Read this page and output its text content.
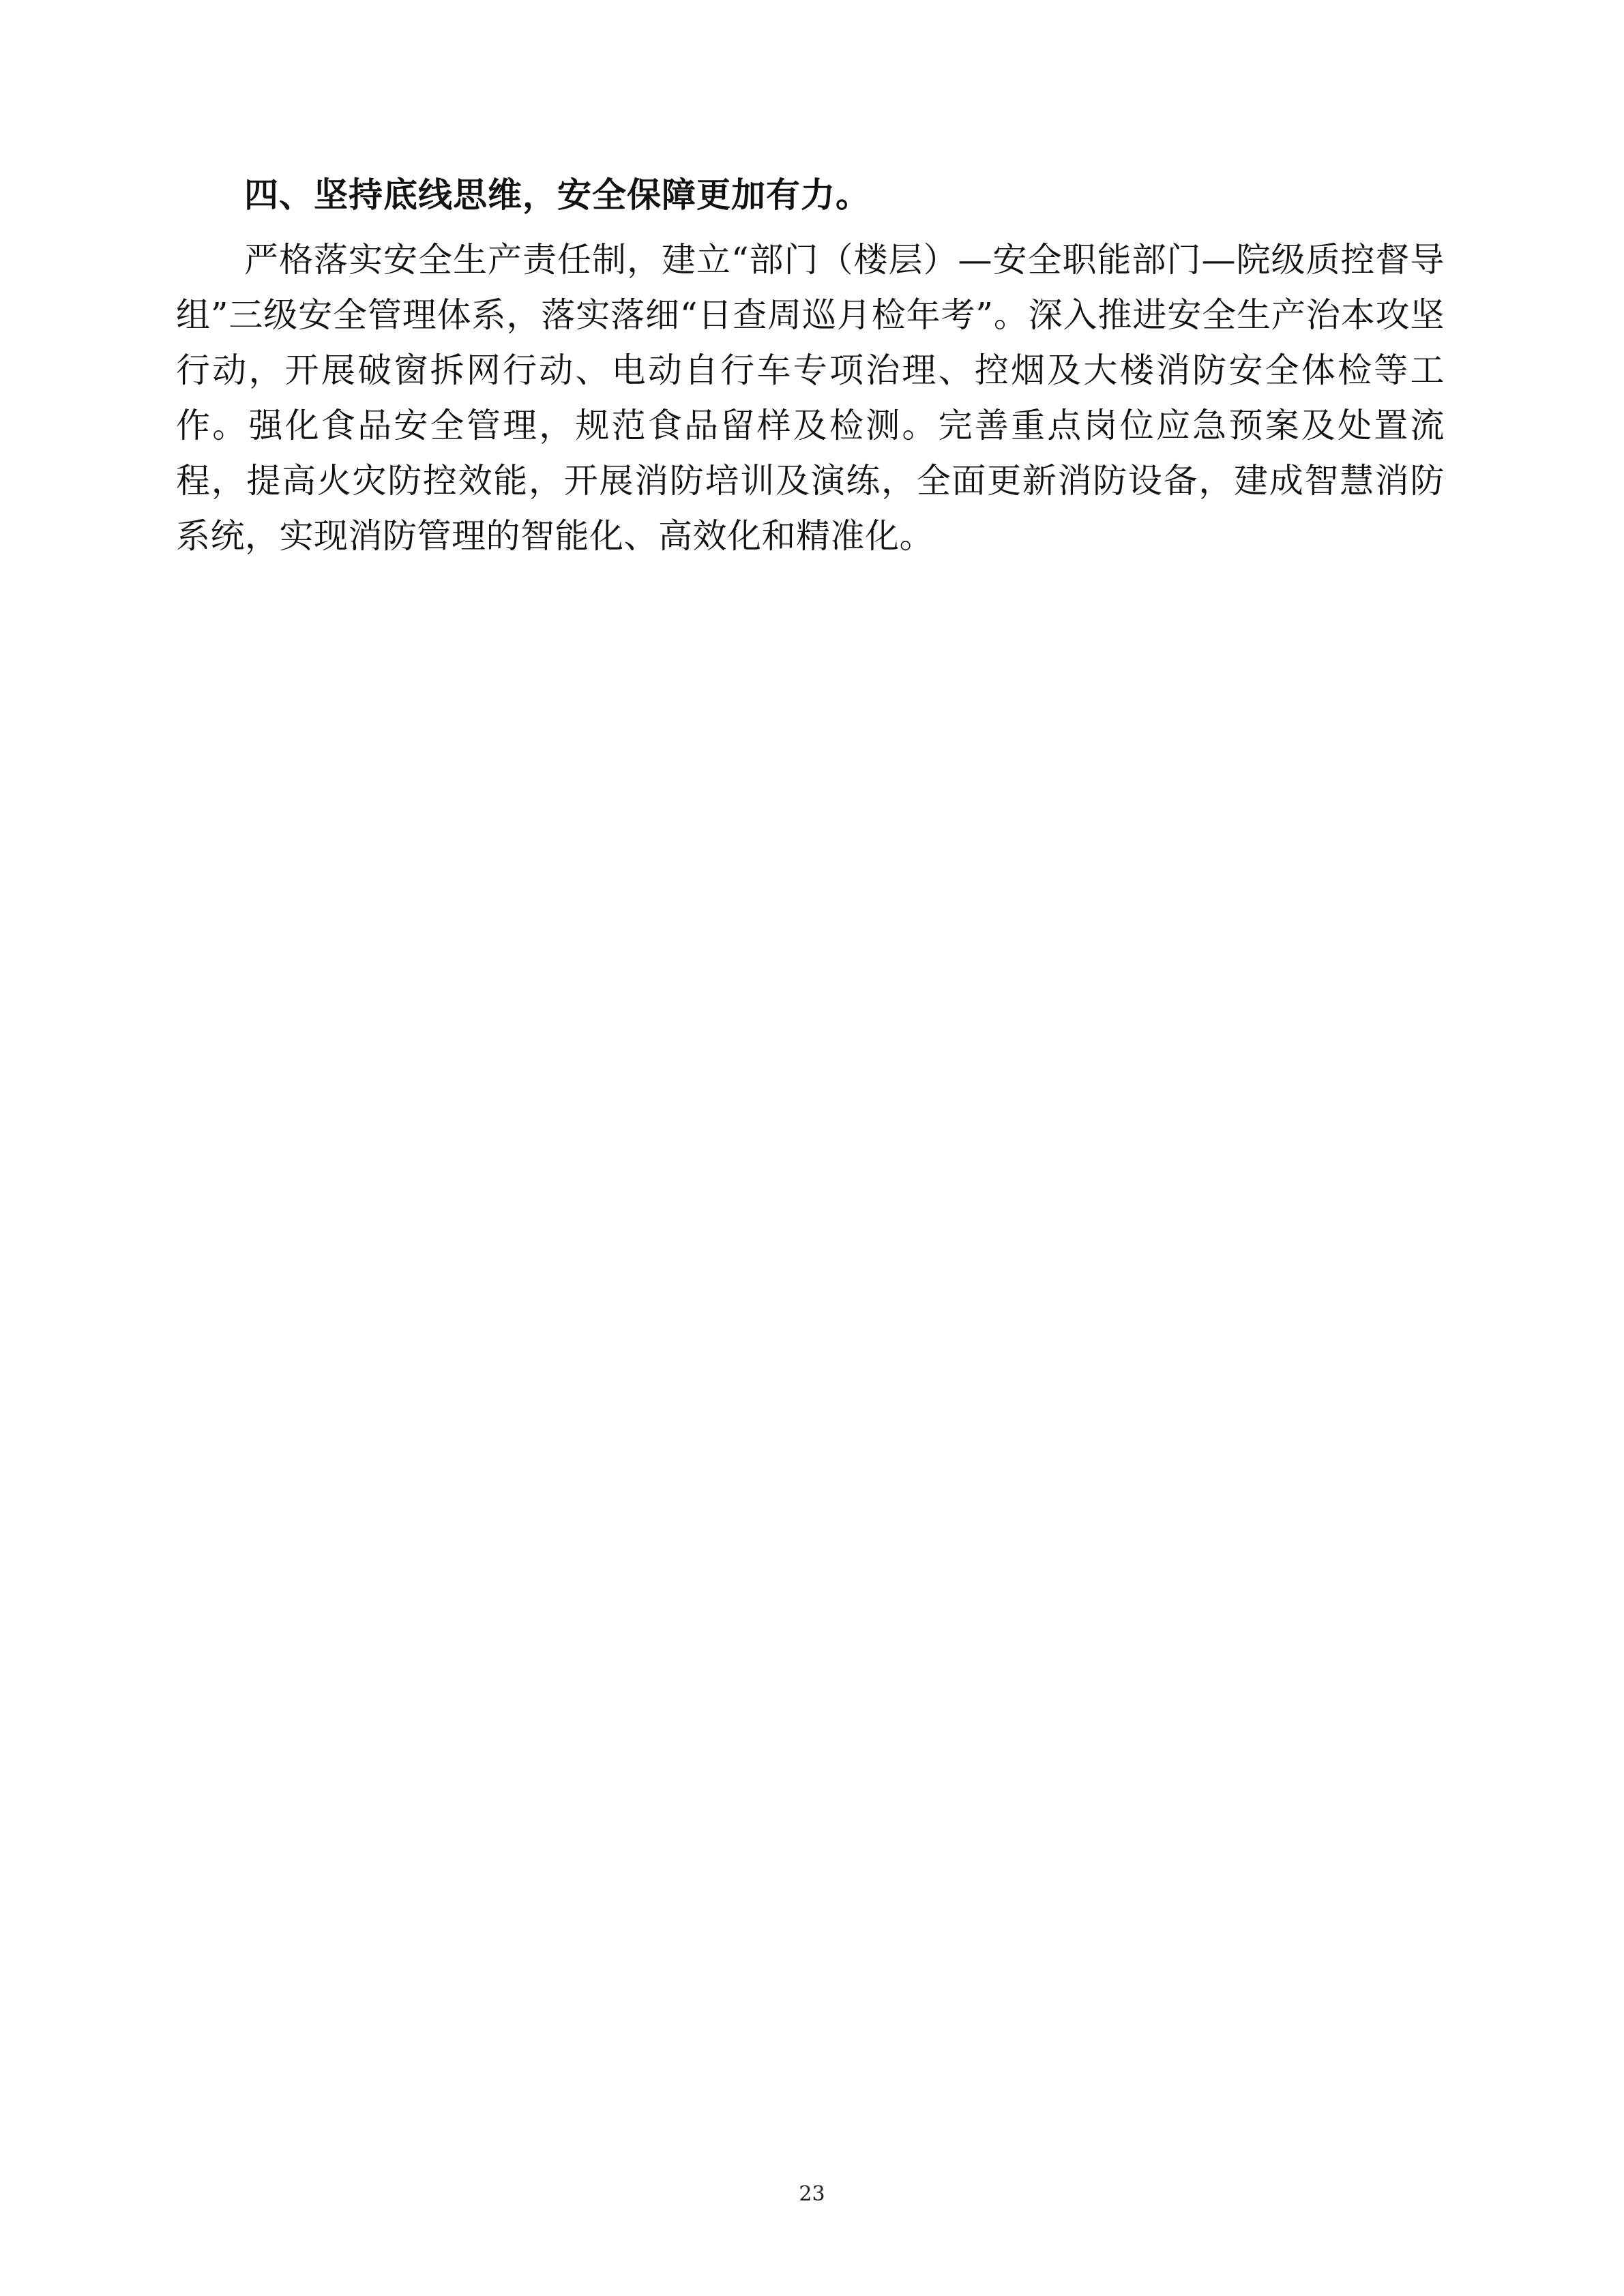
四、坚持底线思维，安全保障更加有力。

严格落实安全生产责任制，建立“部门（楼层）—安全职能部门—院级质控督导组”三级安全管理体系，落实落细“日查周巡月检年考”。深入推进安全生产治本攻坚行动，开展破窗拆网行动、电动自行车专项治理、控烟及大楼消防安全体检等工作。强化食品安全管理，规范食品留样及检测。完善重点岗位应急预案及处置流程，提高火灾防控效能，开展消防培训及演练，全面更新消防设备，建成智慧消防系统，实现消防管理的智能化、高效化和精准化。

23
